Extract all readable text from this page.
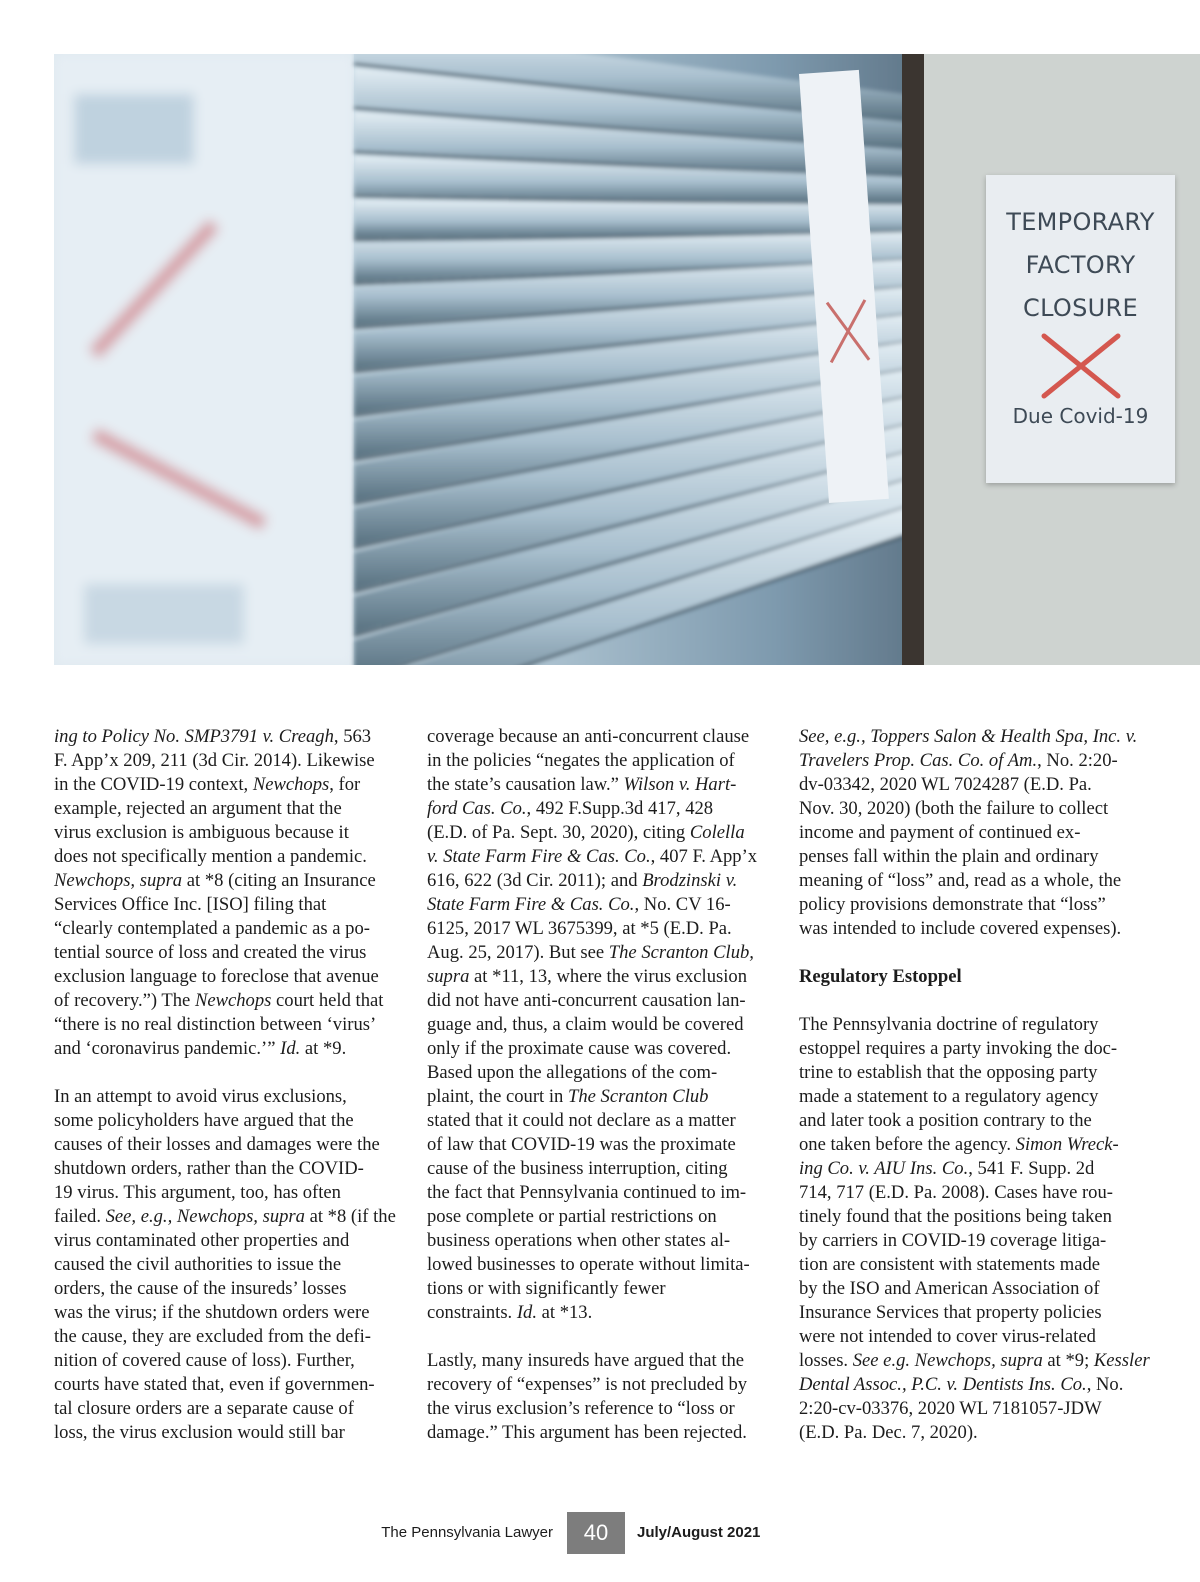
TEMPORARY
FACTORY
CLOSURE
Due Covid-19

ing to Policy No. SMP3791 v. Creagh, 563
F. App’x 209, 211 (3d Cir. 2014). Likewise
in the COVID-19 context, Newchops, for
example, rejected an argument that the
virus exclusion is ambiguous because it
does not specifically mention a pandemic.
Newchops, supra at *8 (citing an Insurance
Services Office Inc. [ISO] filing that
“clearly contemplated a pandemic as a po-
tential source of loss and created the virus
exclusion language to foreclose that avenue
of recovery.”) The Newchops court held that
“there is no real distinction between ‘virus’
and ‘coronavirus pandemic.’” Id. at *9.

In an attempt to avoid virus exclusions,
some policyholders have argued that the
causes of their losses and damages were the
shutdown orders, rather than the COVID-
19 virus. This argument, too, has often
failed. See, e.g., Newchops, supra at *8 (if the
virus contaminated other properties and
caused the civil authorities to issue the
orders, the cause of the insureds’ losses
was the virus; if the shutdown orders were
the cause, they are excluded from the defi-
nition of covered cause of loss). Further,
courts have stated that, even if governmen-
tal closure orders are a separate cause of
loss, the virus exclusion would still bar

coverage because an anti-concurrent clause
in the policies “negates the application of
the state’s causation law.” Wilson v. Hart-
ford Cas. Co., 492 F.Supp.3d 417, 428
(E.D. of Pa. Sept. 30, 2020), citing Colella
v. State Farm Fire & Cas. Co., 407 F. App’x
616, 622 (3d Cir. 2011); and Brodzinski v.
State Farm Fire & Cas. Co., No. CV 16-
6125, 2017 WL 3675399, at *5 (E.D. Pa.
Aug. 25, 2017). But see The Scranton Club,
supra at *11, 13, where the virus exclusion
did not have anti-concurrent causation lan-
guage and, thus, a claim would be covered
only if the proximate cause was covered.
Based upon the allegations of the com-
plaint, the court in The Scranton Club
stated that it could not declare as a matter
of law that COVID-19 was the proximate
cause of the business interruption, citing
the fact that Pennsylvania continued to im-
pose complete or partial restrictions on
business operations when other states al-
lowed businesses to operate without limita-
tions or with significantly fewer
constraints. Id. at *13.

Lastly, many insureds have argued that the
recovery of “expenses” is not precluded by
the virus exclusion’s reference to “loss or
damage.” This argument has been rejected.

See, e.g., Toppers Salon & Health Spa, Inc. v.
Travelers Prop. Cas. Co. of Am., No. 2:20-
dv-03342, 2020 WL 7024287 (E.D. Pa.
Nov. 30, 2020) (both the failure to collect
income and payment of continued ex-
penses fall within the plain and ordinary
meaning of “loss” and, read as a whole, the
policy provisions demonstrate that “loss”
was intended to include covered expenses).

Regulatory Estoppel

The Pennsylvania doctrine of regulatory
estoppel requires a party invoking the doc-
trine to establish that the opposing party
made a statement to a regulatory agency
and later took a position contrary to the
one taken before the agency. Simon Wreck-
ing Co. v. AIU Ins. Co., 541 F. Supp. 2d
714, 717 (E.D. Pa. 2008). Cases have rou-
tinely found that the positions being taken
by carriers in COVID-19 coverage litiga-
tion are consistent with statements made
by the ISO and American Association of
Insurance Services that property policies
were not intended to cover virus-related
losses. See e.g. Newchops, supra at *9; Kessler
Dental Assoc., P.C. v. Dentists Ins. Co., No.
2:20-cv-03376, 2020 WL 7181057-JDW
(E.D. Pa. Dec. 7, 2020).

The Pennsylvania Lawyer	40	July/August 2021
